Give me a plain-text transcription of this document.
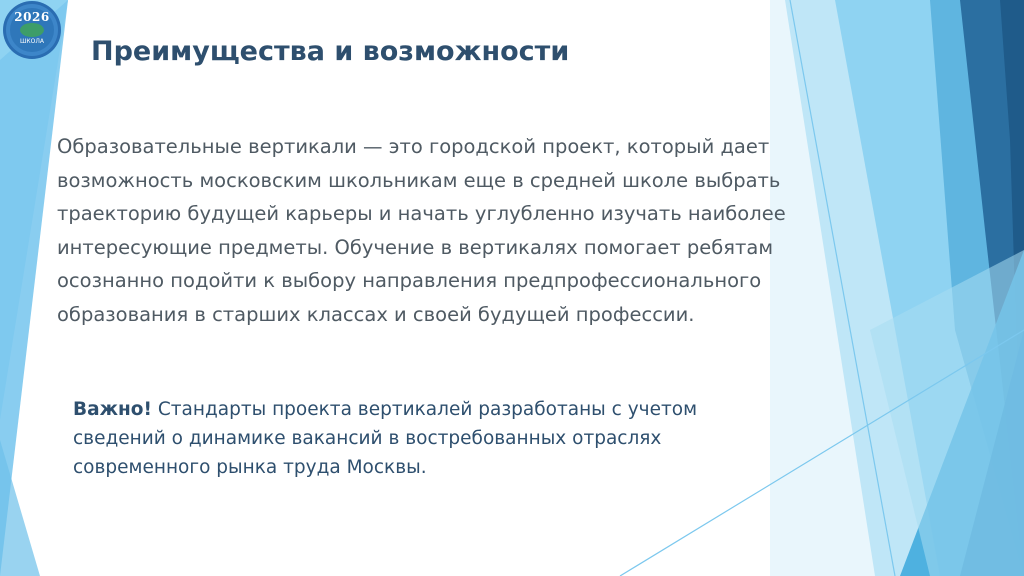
2026
ШКОЛА	Преимущества и возможности
Образовательные вертикали — это городской проект, который дает возможность московским школьникам еще в средней школе выбрать траекторию будущей карьеры и начать углубленно изучать наиболее интересующие предметы. Обучение в вертикалях помогает ребятам осознанно подойти к выбору направления предпрофессионального образования в старших классах и своей будущей профессии.
Важно! Стандарты проекта вертикалей разработаны с учетом сведений о динамике вакансий в востребованных отраслях современного рынка труда Москвы.
